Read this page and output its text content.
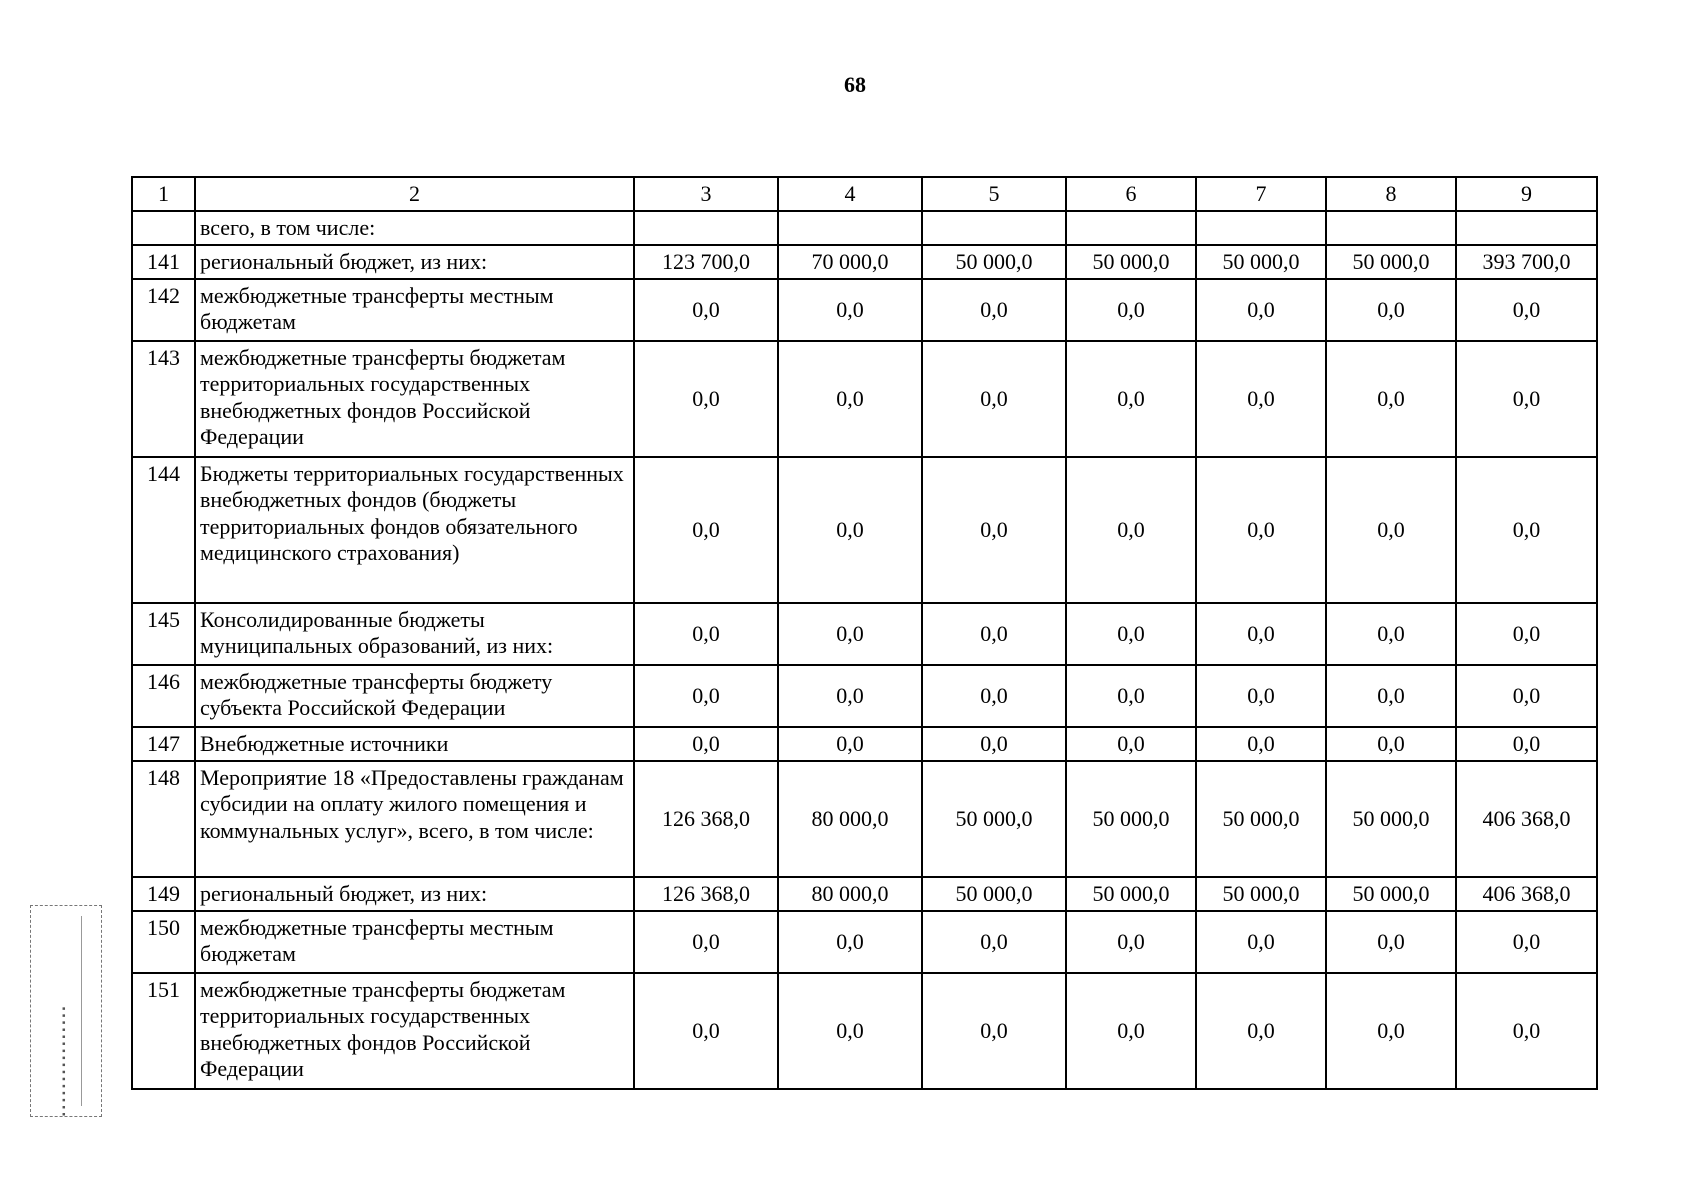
68
1	2	3	4	5	6	7	8	9
	всего, в том числе:							
141	региональный бюджет, из них:	123 700,0	70 000,0	50 000,0	50 000,0	50 000,0	50 000,0	393 700,0
142	межбюджетные трансферты местным бюджетам	0,0	0,0	0,0	0,0	0,0	0,0	0,0
143	межбюджетные трансферты бюджетам территориальных государственных внебюджетных фондов Российской Федерации	0,0	0,0	0,0	0,0	0,0	0,0	0,0
144	Бюджеты территориальных государственных внебюджетных фондов (бюджеты территориальных фондов обязательного медицинского страхования)	0,0	0,0	0,0	0,0	0,0	0,0	0,0
145	Консолидированные бюджеты муниципальных образований, из них:	0,0	0,0	0,0	0,0	0,0	0,0	0,0
146	межбюджетные трансферты бюджету субъекта Российской Федерации	0,0	0,0	0,0	0,0	0,0	0,0	0,0
147	Внебюджетные источники	0,0	0,0	0,0	0,0	0,0	0,0	0,0
148	Мероприятие 18 «Предоставлены гражданам субсидии на оплату жилого помещения и коммунальных услуг», всего, в том числе:	126 368,0	80 000,0	50 000,0	50 000,0	50 000,0	50 000,0	406 368,0
149	региональный бюджет, из них:	126 368,0	80 000,0	50 000,0	50 000,0	50 000,0	50 000,0	406 368,0
150	межбюджетные трансферты местным бюджетам	0,0	0,0	0,0	0,0	0,0	0,0	0,0
151	межбюджетные трансферты бюджетам территориальных государственных внебюджетных фондов Российской Федерации	0,0	0,0	0,0	0,0	0,0	0,0	0,0
▪ ▪ ▪ ▪ ▪ ▪ ▪ ▪ ▪ ▪ ▪ ▪ ▪ ▪ ▪ ▪
